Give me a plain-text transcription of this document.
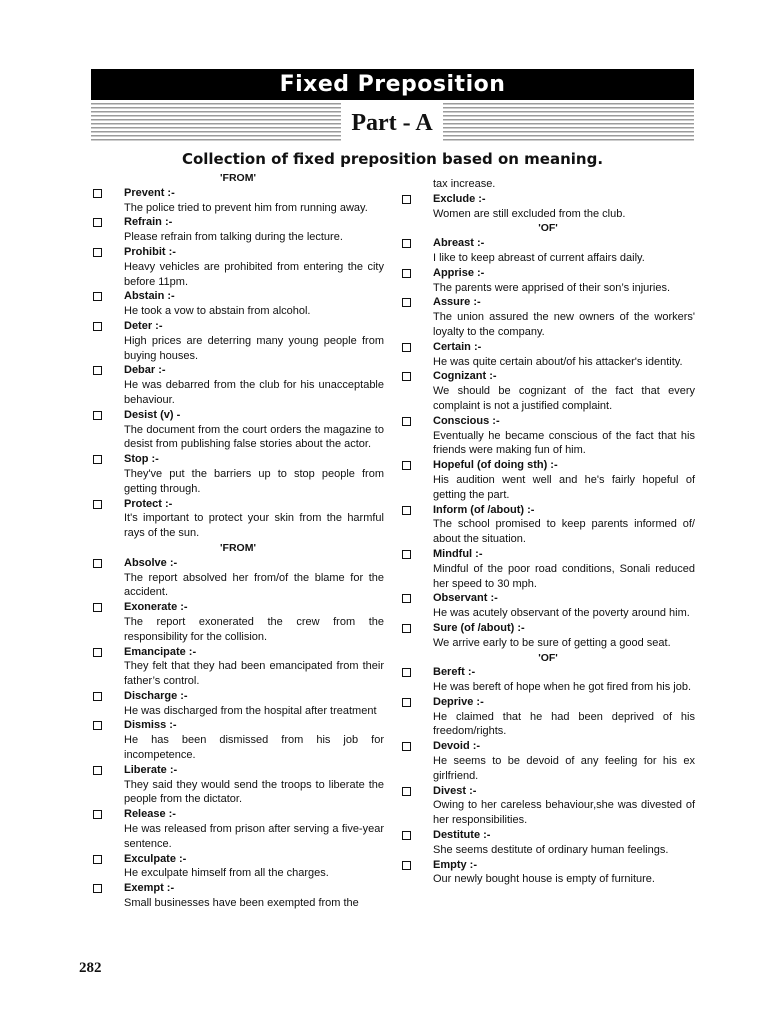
Fixed Preposition
Part - A
Collection of fixed preposition based on meaning.
'FROM'
Prevent :-
The police tried to prevent him from running away.
Refrain :-
Please refrain from talking during the lecture.
Prohibit :-
Heavy vehicles are prohibited from entering the city before 11pm.
Abstain :-
He took a vow to abstain from alcohol.
Deter :-
High prices are deterring many young people from buying houses.
Debar :-
He was debarred from the club for his unacceptable behaviour.
Desist (v) -
The document from the court orders the magazine to desist from publishing false stories about the actor.
Stop :-
They've put the barriers up to stop people from getting through.
Protect :-
It's important to protect your skin from the harmful rays of the sun.
'FROM'
Absolve :-
The report absolved her from/of the blame for the accident.
Exonerate :-
The report exonerated the crew from the responsibility for the collision.
Emancipate :-
They felt that they had been emancipated from their father’s control.
Discharge :-
He was discharged from the hospital after treatment
Dismiss :-
He has been dismissed from his job for incompetence.
Liberate :-
They said they would send the troops to liberate the people from the dictator.
Release :-
He was released from prison after serving a five-year sentence.
Exculpate :-
He exculpate himself from all the charges.
Exempt :-
Small businesses have been exempted from the
tax increase.
Exclude :-
Women are still excluded from the club.
'OF'
Abreast :-
I like to keep abreast of current affairs daily.
Apprise :-
The parents were apprised of their son’s injuries.
Assure :-
The union assured the new owners of the workers' loyalty to the company.
Certain :-
He was quite certain about/of his attacker's identity.
Cognizant :-
We should be cognizant of the fact that every complaint is not a justified complaint.
Conscious :-
Eventually he became conscious of the fact that his friends were making fun of him.
Hopeful (of doing sth) :-
His audition went well and he's fairly hopeful of getting the part.
Inform (of /about) :-
The school promised to keep parents informed of/ about the situation.
Mindful :-
Mindful of the poor road conditions, Sonali reduced her speed to 30 mph.
Observant :-
He was acutely observant of the poverty around him.
Sure (of /about) :-
We arrive early to be sure of getting a good seat.
'OF'
Bereft :-
He was bereft of hope when he got fired from his job.
Deprive :-
He claimed that he had been deprived of his freedom/rights.
Devoid :-
He seems to be devoid of any feeling for his ex girlfriend.
Divest :-
Owing to her careless behaviour,she was divested of her responsibilities.
Destitute :-
She seems destitute of ordinary human feelings.
Empty :-
Our newly bought house is empty of furniture.
282
